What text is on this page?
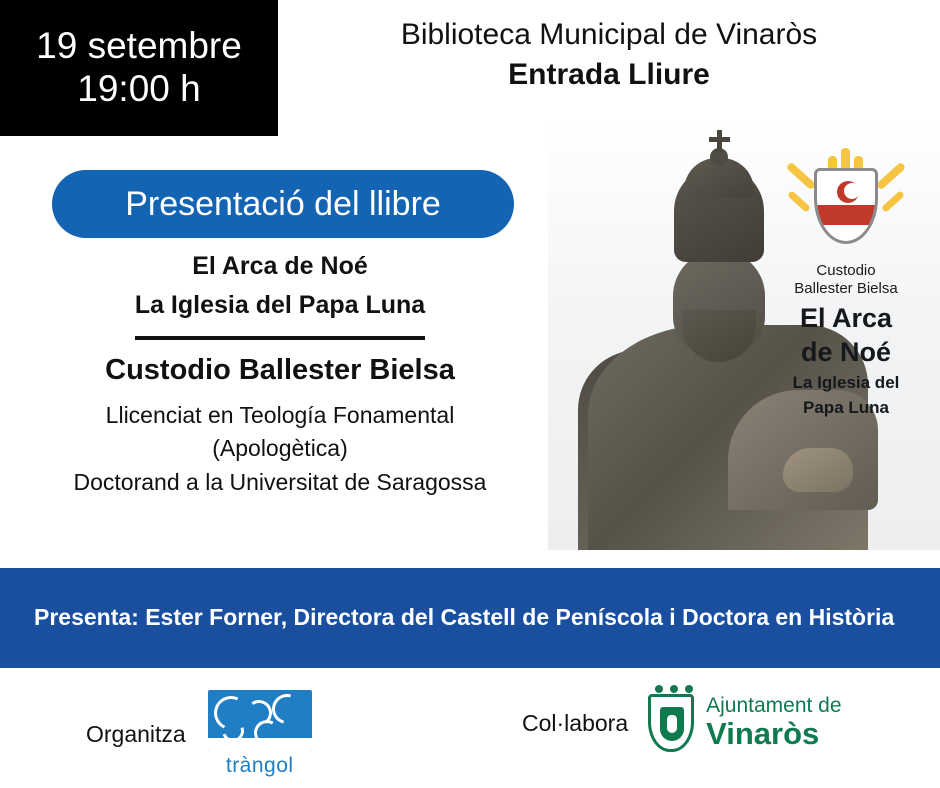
19 setembre
19:00 h
Biblioteca Municipal de Vinaròs
Entrada Lliure
Presentació del llibre
El Arca de Noé
La Iglesia del Papa Luna
Custodio Ballester Bielsa
Llicenciat en Teología Fonamental
(Apologètica)
Doctorand a la Universitat de Saragossa
Custodio
Ballester Bielsa
El Arca
de Noé
La Iglesia del
Papa Luna
Presenta: Ester Forner, Directora del Castell de Peníscola i Doctora en Història
Organitza
tràngol
Col·labora
Ajuntament de
Vinaròs
